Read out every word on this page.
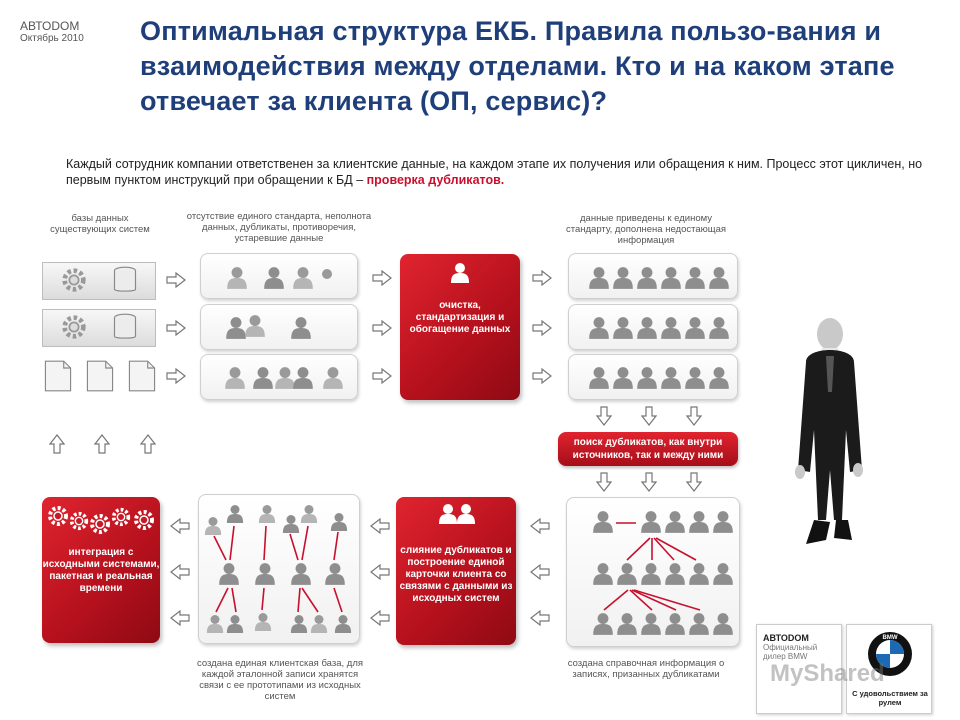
АВТОDOM
Октябрь 2010	Оптимальная структура ЕКБ. Правила пользо-вания и взаимодействия между отделами. Кто и на каком этапе отвечает за клиента (ОП, сервис)?
Каждый сотрудник компании ответственен за клиентские данные, на каждом этапе их получения или обращения к ним. Процесс этот цикличен, но первым пунктом инструкций при обращении к БД – проверка дубликатов.
базы данных существующих систем
отсутствие единого стандарта, неполнота данных, дубликаты, противоречия, устаревшие данные
данные приведены к единому стандарту, дополнена недостающая информация
создана единая клиентская база, для каждой эталонной записи хранятся связи с ее прототипами из исходных систем
создана справочная информация о записях, призанных дубликатами
очистка, стандартизация и обогащение данных
поиск дубликатов, как внутри источников, так и между ними
слияние дубликатов и построение единой карточки клиента со связями с данными из исходных систем
интеграция с исходными системами, пакетная и реальная времени
АВТОDOM
Официальный дилер BMW
BMW
С удовольствием за рулем
MyShared
